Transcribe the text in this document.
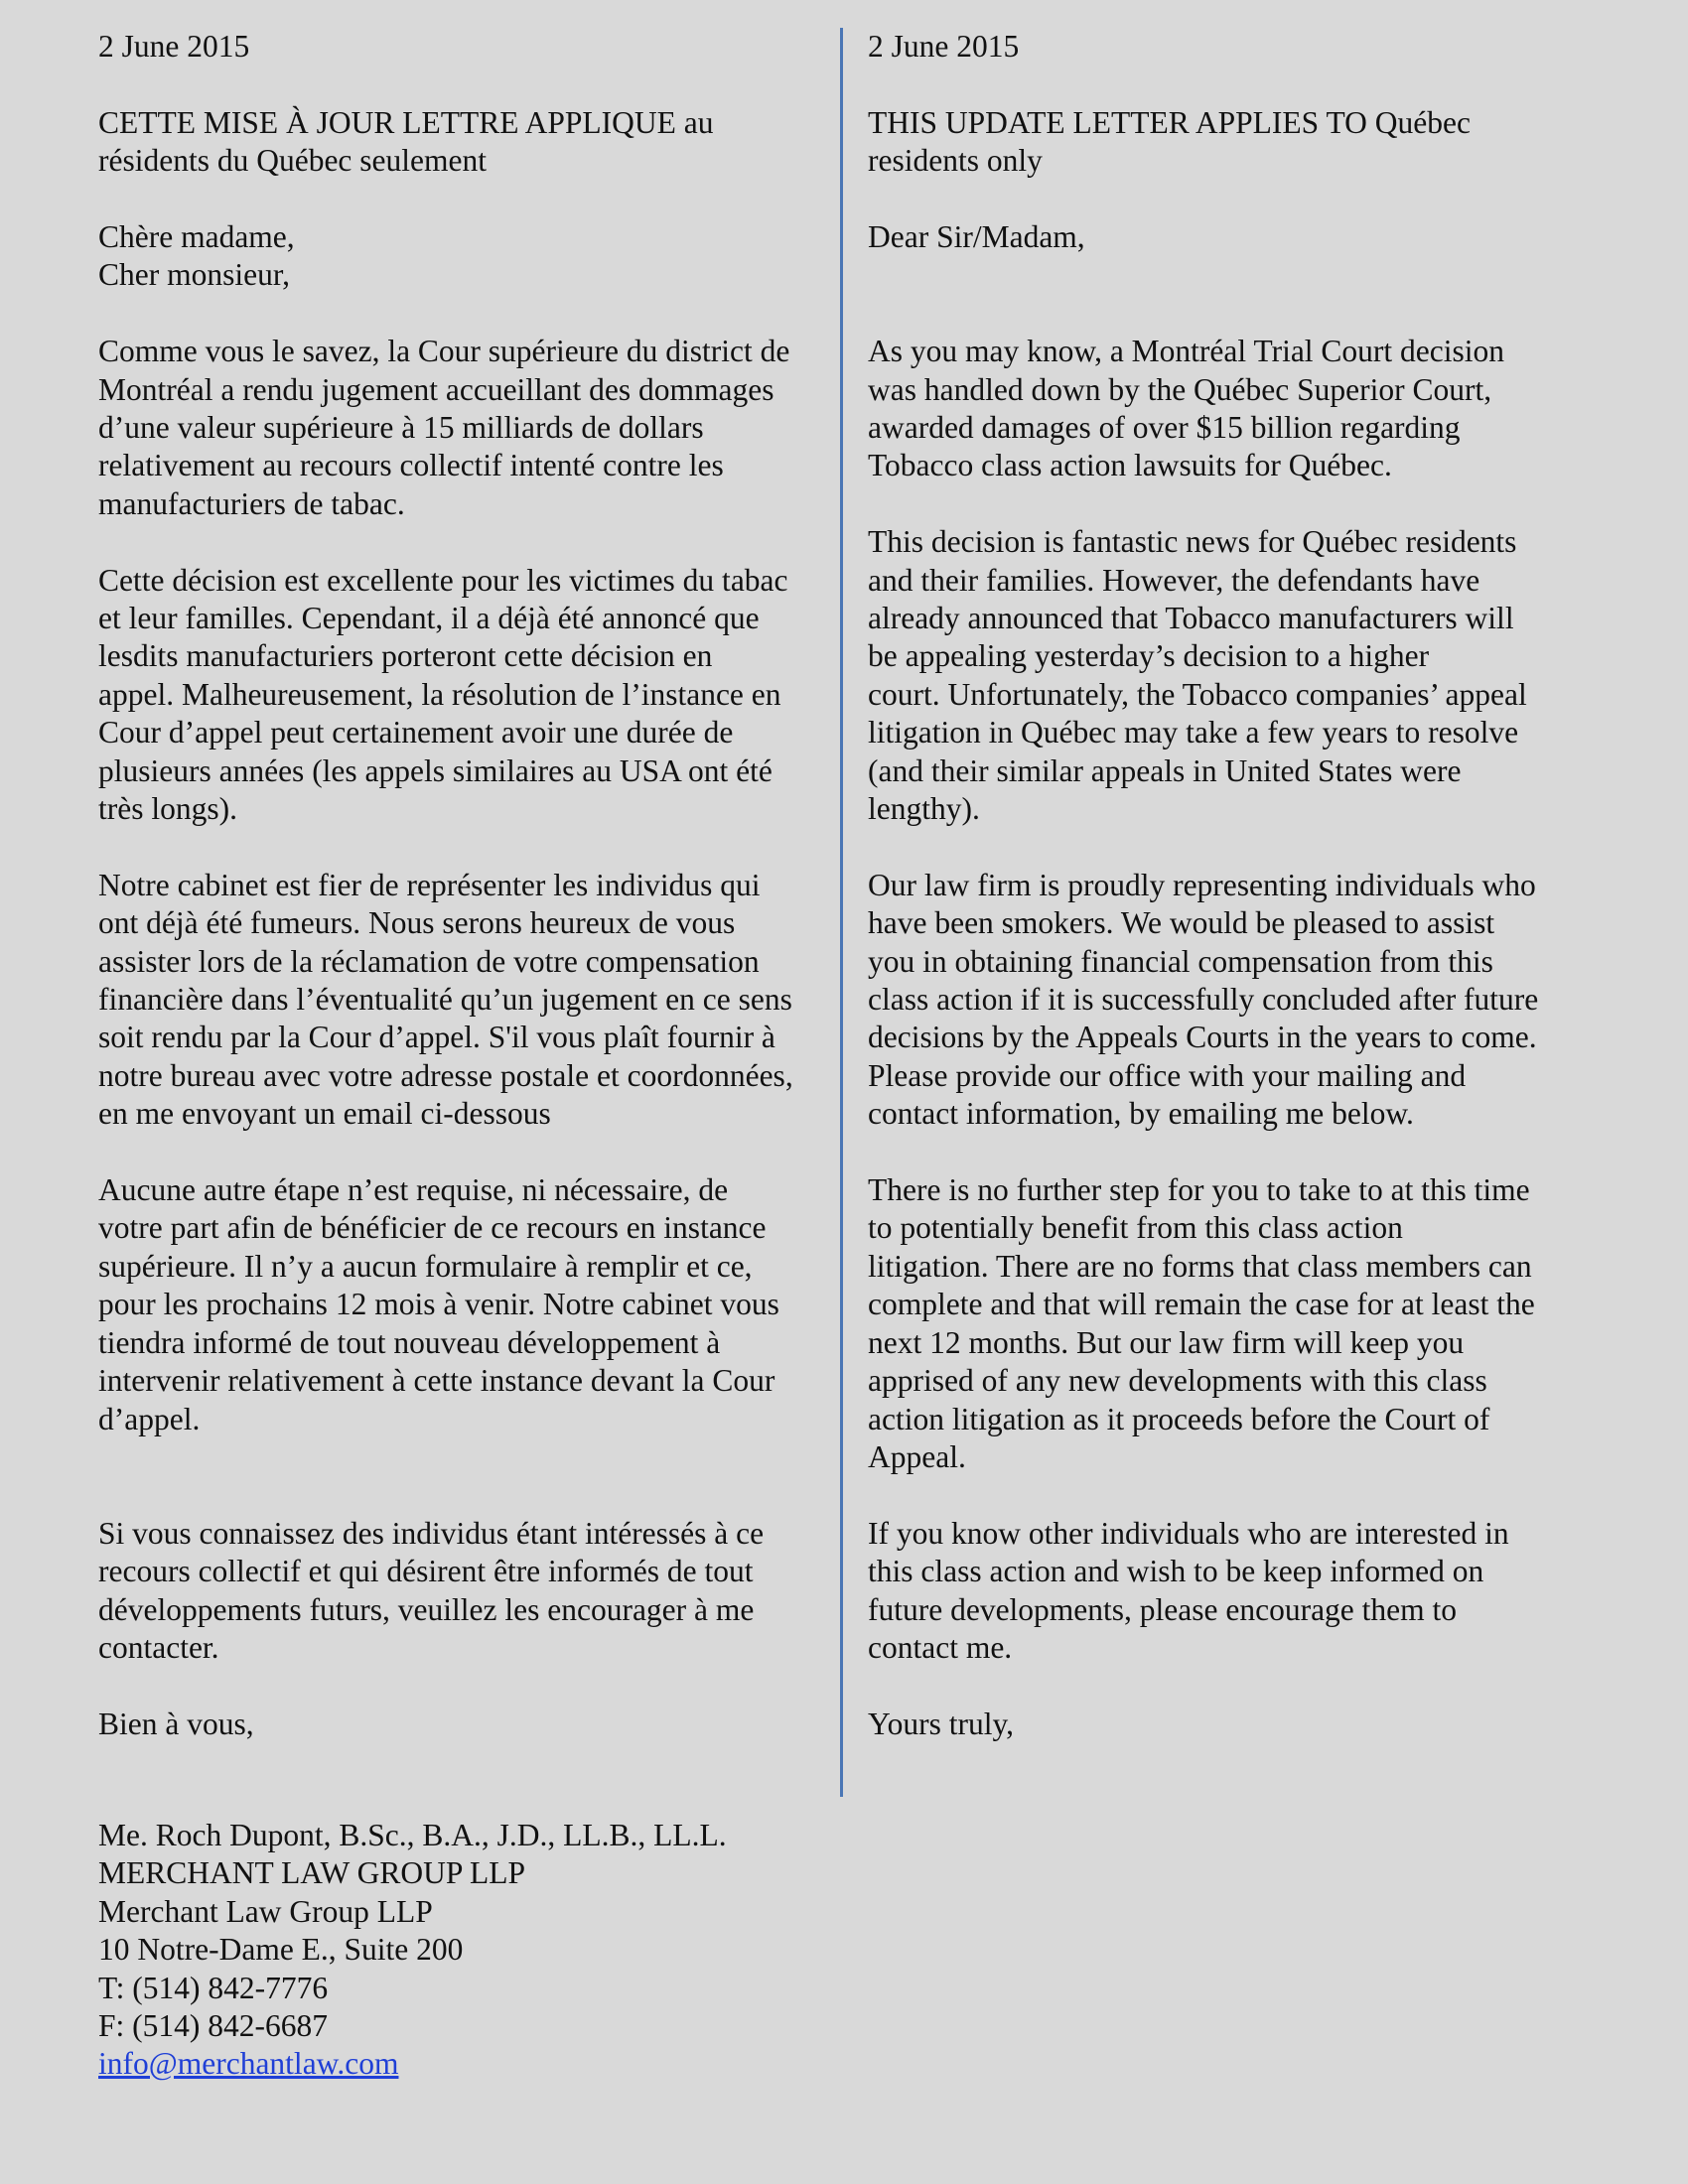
2 June 2015

CETTE MISE À JOUR LETTRE APPLIQUE au
résidents du Québec seulement
Chère madame,
Cher monsieur,
Comme vous le savez, la Cour supérieure du district de
Montréal a rendu jugement accueillant des dommages
d’une valeur supérieure à 15 milliards de dollars
relativement au recours collectif intenté contre les
manufacturiers de tabac.
Cette décision est excellente pour les victimes du tabac
et leur familles. Cependant, il a déjà été annoncé que
lesdits manufacturiers porteront cette décision en
appel. Malheureusement, la résolution de l’instance en
Cour d’appel peut certainement avoir une durée de
plusieurs années (les appels similaires au USA ont été
très longs).
Notre cabinet est fier de représenter les individus qui
ont déjà été fumeurs. Nous serons heureux de vous
assister lors de la réclamation de votre compensation
financière dans l’éventualité qu’un jugement en ce sens
soit rendu par la Cour d’appel. S'il vous plaît fournir à
notre bureau avec votre adresse postale et coordonnées,
en me envoyant un email ci-dessous
Aucune autre étape n’est requise, ni nécessaire, de
votre part afin de bénéficier de ce recours en instance
supérieure. Il n’y a aucun formulaire à remplir et ce,
pour les prochains 12 mois à venir. Notre cabinet vous
tiendra informé de tout nouveau développement à
intervenir relativement à cette instance devant la Cour
d’appel.
Si vous connaissez des individus étant intéressés à ce
recours collectif et qui désirent être informés de tout
développements futurs, veuillez les encourager à me
contacter.
Bien à vous,

2 June 2015

THIS UPDATE LETTER APPLIES TO Québec
residents only
Dear Sir/Madam,
As you may know, a Montréal Trial Court decision
was handled down by the Québec Superior Court,
awarded damages of over $15 billion regarding
Tobacco class action lawsuits for Québec.
This decision is fantastic news for Québec residents
and their families. However, the defendants have
already announced that Tobacco manufacturers will
be appealing yesterday’s decision to a higher
court. Unfortunately, the Tobacco companies’ appeal
litigation in Québec may take a few years to resolve
(and their similar appeals in United States were
lengthy).
Our law firm is proudly representing individuals who
have been smokers. We would be pleased to assist
you in obtaining financial compensation from this
class action if it is successfully concluded after future
decisions by the Appeals Courts in the years to come.
Please provide our office with your mailing and
contact information, by emailing me below.
There is no further step for you to take to at this time
to potentially benefit from this class action
litigation. There are no forms that class members can
complete and that will remain the case for at least the
next 12 months. But our law firm will keep you
apprised of any new developments with this class
action litigation as it proceeds before the Court of
Appeal.
If you know other individuals who are interested in
this class action and wish to be keep informed on
future developments, please encourage them to
contact me.
Yours truly,
Me. Roch Dupont, B.Sc., B.A., J.D., LL.B., LL.L.
MERCHANT LAW GROUP LLP
Merchant Law Group LLP
10 Notre-Dame E., Suite 200
T: (514) 842-7776
F: (514) 842-6687
info@merchantlaw.com
